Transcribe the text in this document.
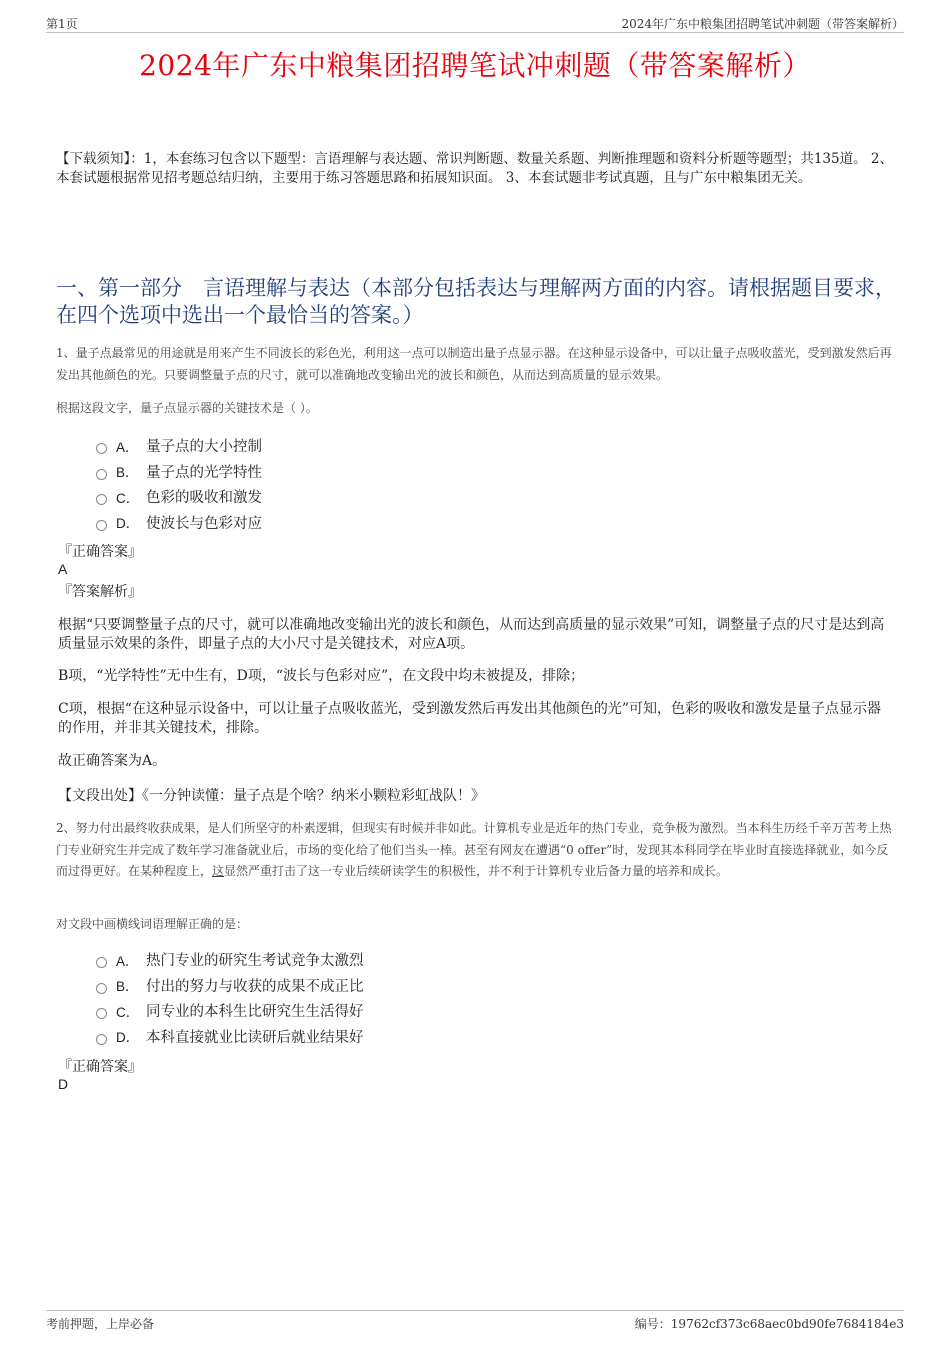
第1页	2024年广东中粮集团招聘笔试冲刺题（带答案解析）
2024年广东中粮集团招聘笔试冲刺题（带答案解析）
【下载须知】：1，本套练习包含以下题型：言语理解与表达题、常识判断题、数量关系题、判断推理题和资料分析题等题型；共135道。 2、本套试题根据常见招考题总结归纳，主要用于练习答题思路和拓展知识面。 3、本套试题非考试真题，且与广东中粮集团无关。
一、第一部分　言语理解与表达（本部分包括表达与理解两方面的内容。请根据题目要求，在四个选项中选出一个最恰当的答案。）
1、量子点最常见的用途就是用来产生不同波长的彩色光，利用这一点可以制造出量子点显示器。在这种显示设备中，可以让量子点吸收蓝光，受到激发然后再发出其他颜色的光。只要调整量子点的尺寸，就可以准确地改变输出光的波长和颜色，从而达到高质量的显示效果。
根据这段文字，量子点显示器的关键技术是（ ）。
A． 量子点的大小控制
B． 量子点的光学特性
C． 色彩的吸收和激发
D． 使波长与色彩对应
『正确答案』
A
『答案解析』
根据“只要调整量子点的尺寸，就可以准确地改变输出光的波长和颜色，从而达到高质量的显示效果”可知，调整量子点的尺寸是达到高质量显示效果的条件，即量子点的大小尺寸是关键技术，对应A项。
B项，“光学特性”无中生有，D项，“波长与色彩对应”，在文段中均未被提及，排除；
C项，根据“在这种显示设备中，可以让量子点吸收蓝光，受到激发然后再发出其他颜色的光”可知，色彩的吸收和激发是量子点显示器的作用，并非其关键技术，排除。
故正确答案为A。
【文段出处】《一分钟读懂：量子点是个啥？纳米小颗粒彩虹战队！》
2、努力付出最终收获成果，是人们所坚守的朴素逻辑，但现实有时候并非如此。计算机专业是近年的热门专业，竞争极为激烈。当本科生历经千辛万苦考上热门专业研究生并完成了数年学习准备就业后，市场的变化给了他们当头一棒。甚至有网友在遭遇“0 offer”时，发现其本科同学在毕业时直接选择就业，如今反而过得更好。在某种程度上，这显然严重打击了这一专业后续研读学生的积极性，并不利于计算机专业后备力量的培养和成长。
对文段中画横线词语理解正确的是：
A． 热门专业的研究生考试竞争太激烈
B． 付出的努力与收获的成果不成正比
C． 同专业的本科生比研究生生活得好
D． 本科直接就业比读研后就业结果好
『正确答案』
D
考前押题，上岸必备	编号：19762cf373c68aec0bd90fe7684184e3
